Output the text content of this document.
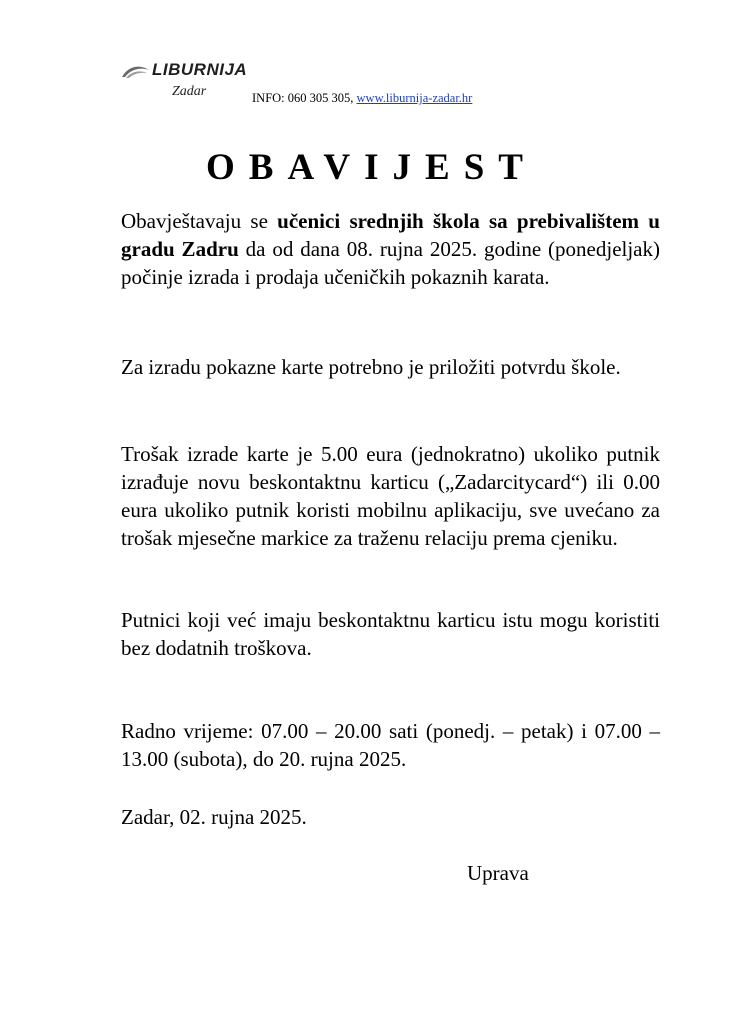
LIBURNIJA
Zadar	INFO: 060 305 305, www.liburnija-zadar.hr
OBAVIJEST
Obavještavaju se učenici srednjih škola sa prebivalištem u gradu Zadru da od dana 08. rujna 2025. godine (ponedjeljak) počinje izrada i prodaja učeničkih pokaznih karata.
Za izradu pokazne karte potrebno je priložiti potvrdu škole.
Trošak izrade karte je 5.00 eura (jednokratno) ukoliko putnik izrađuje novu beskontaktnu karticu („Zadarcitycard“) ili 0.00 eura ukoliko putnik koristi mobilnu aplikaciju, sve uvećano za trošak mjesečne markice za traženu relaciju prema cjeniku.
Putnici koji već imaju beskontaktnu karticu istu mogu koristiti bez dodatnih troškova.
Radno vrijeme: 07.00 – 20.00 sati (ponedj. – petak) i 07.00 – 13.00 (subota), do 20. rujna 2025.
Zadar, 02. rujna 2025.
Uprava
